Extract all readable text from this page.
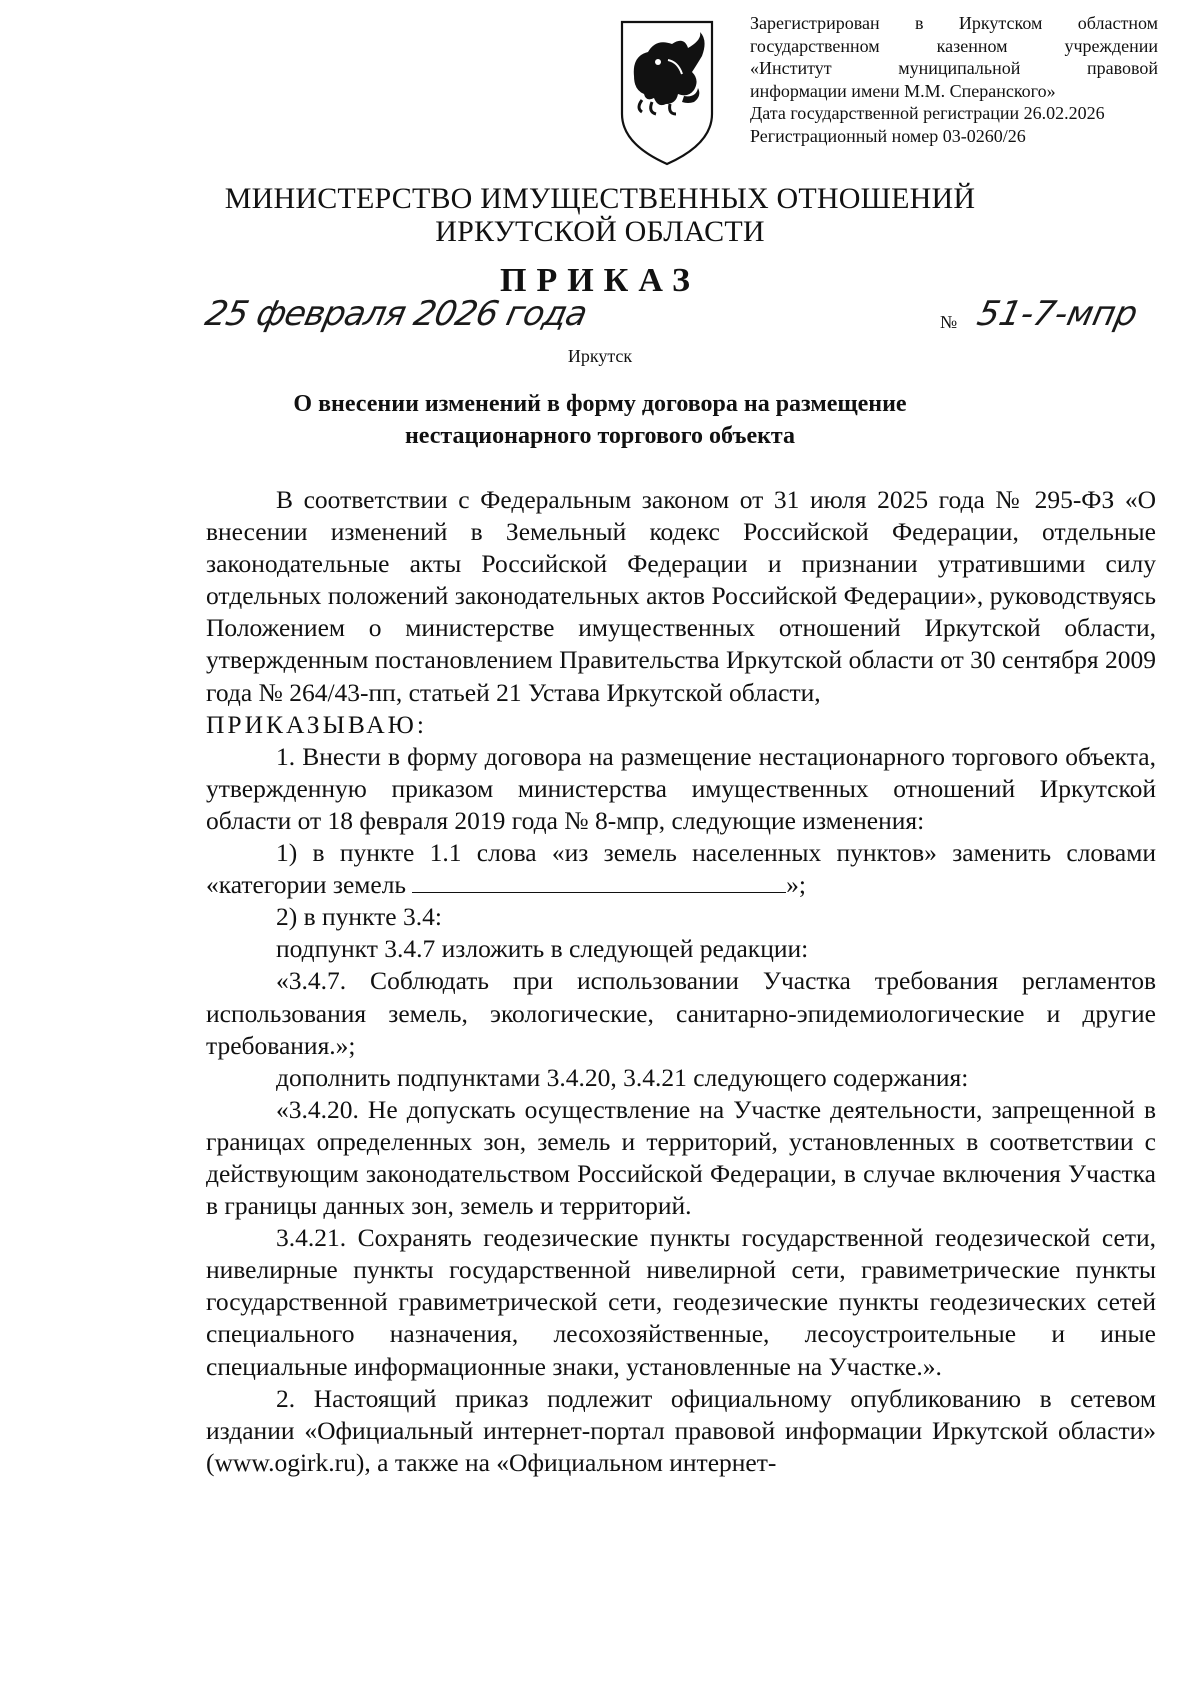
Зарегистрирован в Иркутском областном
государственном казенном учреждении
«Институт муниципальной правовой
информации имени М.М. Сперанского»
Дата государственной регистрации 26.02.2026
Регистрационный номер 03-0260/26
МИНИСТЕРСТВО ИМУЩЕСТВЕННЫХ ОТНОШЕНИЙ
ИРКУТСКОЙ ОБЛАСТИ
ПРИКАЗ
25 февраля 2026 года	№ 51-7-мпр
Иркутск
О внесении изменений в форму договора на размещение
нестационарного торгового объекта

В соответствии с Федеральным законом от 31 июля 2025 года № 295-ФЗ «О внесении изменений в Земельный кодекс Российской Федерации, отдельные законодательные акты Российской Федерации и признании утратившими силу отдельных положений законодательных актов Российской Федерации», руководствуясь Положением о министерстве имущественных отношений Иркутской области, утвержденным постановлением Правительства Иркутской области от 30 сентября 2009 года № 264/43-пп, статьей 21 Устава Иркутской области,

ПРИКАЗЫВАЮ:

1. Внести в форму договора на размещение нестационарного торгового объекта, утвержденную приказом министерства имущественных отношений Иркутской области от 18 февраля 2019 года № 8-мпр, следующие изменения:

1) в пункте 1.1 слова «из земель населенных пунктов» заменить словами «категории земель	»;

2) в пункте 3.4:

подпункт 3.4.7 изложить в следующей редакции:

«3.4.7. Соблюдать при использовании Участка требования регламентов использования земель, экологические, санитарно-эпидемиологические и другие требования.»;

дополнить подпунктами 3.4.20, 3.4.21 следующего содержания:

«3.4.20. Не допускать осуществление на Участке деятельности, запрещенной в границах определенных зон, земель и территорий, установленных в соответствии с действующим законодательством Российской Федерации, в случае включения Участка в границы данных зон, земель и территорий.

3.4.21. Сохранять геодезические пункты государственной геодезической сети, нивелирные пункты государственной нивелирной сети, гравиметрические пункты государственной гравиметрической сети, геодезические пункты геодезических сетей специального назначения, лесохозяйственные, лесоустроительные и иные специальные информационные знаки, установленные на Участке.».

2. Настоящий приказ подлежит официальному опубликованию в сетевом издании «Официальный интернет-портал правовой информации Иркутской области» (www.ogirk.ru), а также на «Официальном интернет-
